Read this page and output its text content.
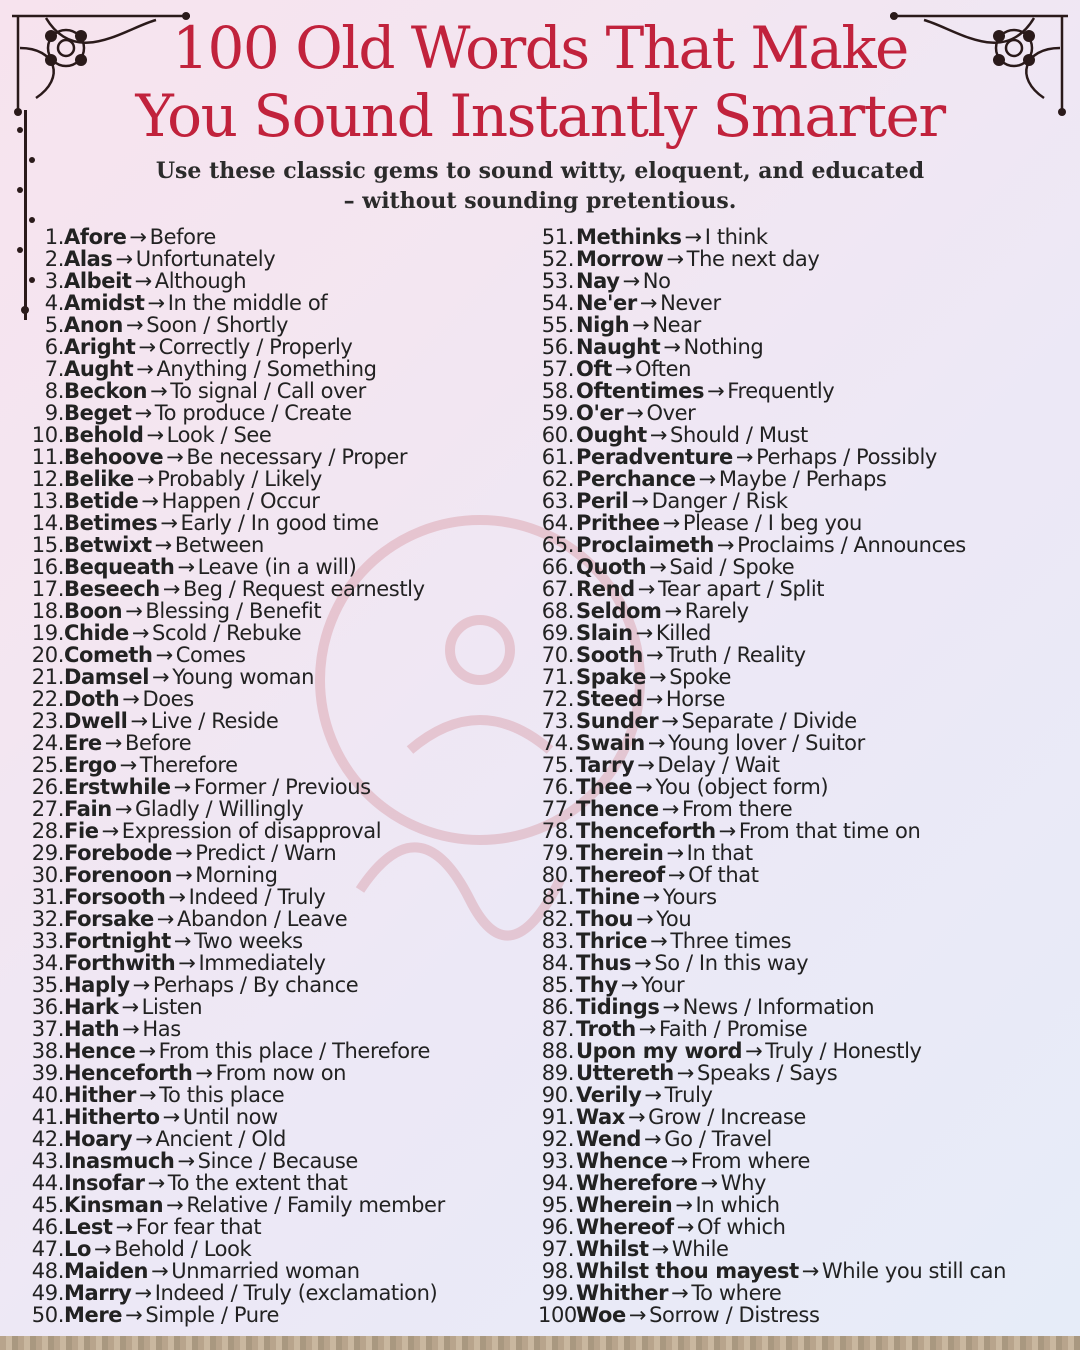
100 Old Words That Make
You Sound Instantly Smarter

Use these classic gems to sound witty, eloquent, and educated – without sounding pretentious.

1.Afore → Before
2.Alas → Unfortunately
3.Albeit → Although
4.Amidst → In the middle of
5.Anon → Soon / Shortly
6.Aright → Correctly / Properly
7.Aught → Anything / Something
8.Beckon → To signal / Call over
9.Beget → To produce / Create
10.Behold → Look / See
11.Behoove → Be necessary / Proper
12.Belike → Probably / Likely
13.Betide → Happen / Occur
14.Betimes → Early / In good time
15.Betwixt → Between
16.Bequeath → Leave (in a will)
17.Beseech → Beg / Request earnestly
18.Boon → Blessing / Benefit
19.Chide → Scold / Rebuke
20.Cometh → Comes
21.Damsel → Young woman
22.Doth → Does
23.Dwell → Live / Reside
24.Ere → Before
25.Ergo → Therefore
26.Erstwhile → Former / Previous
27.Fain → Gladly / Willingly
28.Fie → Expression of disapproval
29.Forebode → Predict / Warn
30.Forenoon → Morning
31.Forsooth → Indeed / Truly
32.Forsake → Abandon / Leave
33.Fortnight → Two weeks
34.Forthwith → Immediately
35.Haply → Perhaps / By chance
36.Hark → Listen
37.Hath → Has
38.Hence → From this place / Therefore
39.Henceforth → From now on
40.Hither → To this place
41.Hitherto → Until now
42.Hoary → Ancient / Old
43.Inasmuch → Since / Because
44.Insofar → To the extent that
45.Kinsman → Relative / Family member
46.Lest → For fear that
47.Lo → Behold / Look
48.Maiden → Unmarried woman
49.Marry → Indeed / Truly (exclamation)
50.Mere → Simple / Pure
51.Methinks → I think
52.Morrow → The next day
53.Nay → No
54.Ne'er → Never
55.Nigh → Near
56.Naught → Nothing
57.Oft → Often
58.Oftentimes → Frequently
59.O'er → Over
60.Ought → Should / Must
61.Peradventure → Perhaps / Possibly
62.Perchance → Maybe / Perhaps
63.Peril → Danger / Risk
64.Prithee → Please / I beg you
65.Proclaimeth → Proclaims / Announces
66.Quoth → Said / Spoke
67.Rend → Tear apart / Split
68.Seldom → Rarely
69.Slain → Killed
70.Sooth → Truth / Reality
71.Spake → Spoke
72.Steed → Horse
73.Sunder → Separate / Divide
74.Swain → Young lover / Suitor
75.Tarry → Delay / Wait
76.Thee → You (object form)
77.Thence → From there
78.Thenceforth → From that time on
79.Therein → In that
80.Thereof → Of that
81.Thine → Yours
82.Thou → You
83.Thrice → Three times
84.Thus → So / In this way
85.Thy → Your
86.Tidings → News / Information
87.Troth → Faith / Promise
88.Upon my word → Truly / Honestly
89.Uttereth → Speaks / Says
90.Verily → Truly
91.Wax → Grow / Increase
92.Wend → Go / Travel
93.Whence → From where
94.Wherefore → Why
95.Wherein → In which
96.Whereof → Of which
97.Whilst → While
98.Whilst thou mayest → While you still can
99.Whither → To where
100.Woe → Sorrow / Distress
